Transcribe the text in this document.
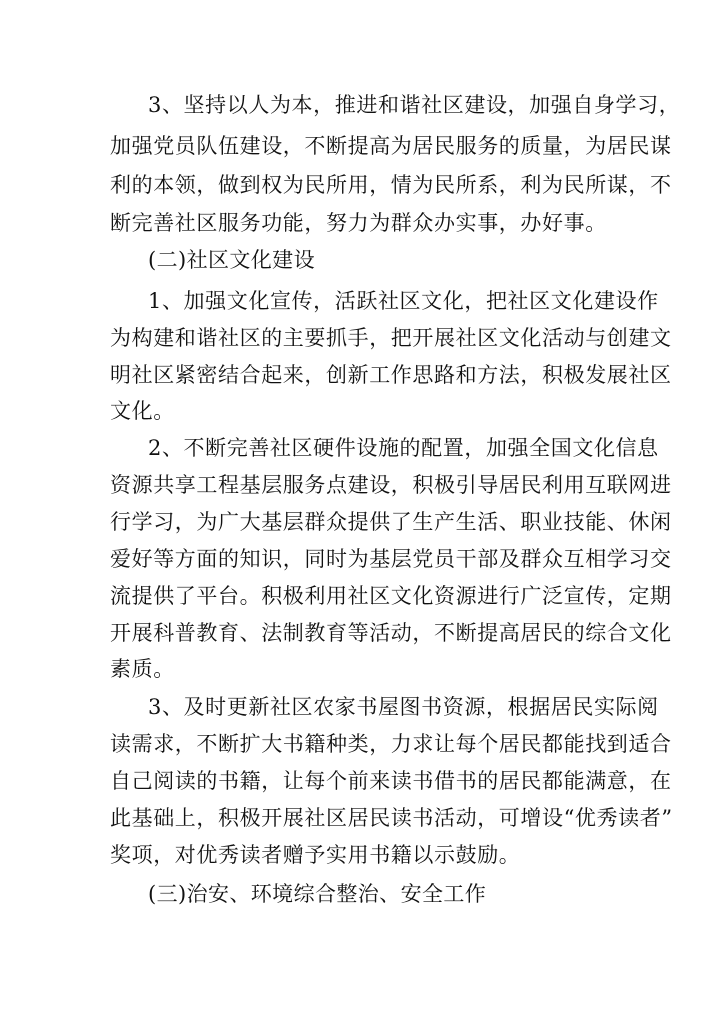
3、坚持以人为本，推进和谐社区建设，加强自身学习，
加强党员队伍建设，不断提高为居民服务的质量，为居民谋
利的本领，做到权为民所用，情为民所系，利为民所谋，不
断完善社区服务功能，努力为群众办实事，办好事。
(二)社区文化建设
1、加强文化宣传，活跃社区文化，把社区文化建设作
为构建和谐社区的主要抓手，把开展社区文化活动与创建文
明社区紧密结合起来，创新工作思路和方法，积极发展社区
文化。
2、不断完善社区硬件设施的配置，加强全国文化信息
资源共享工程基层服务点建设，积极引导居民利用互联网进
行学习，为广大基层群众提供了生产生活、职业技能、休闲
爱好等方面的知识，同时为基层党员干部及群众互相学习交
流提供了平台。积极利用社区文化资源进行广泛宣传，定期
开展科普教育、法制教育等活动，不断提高居民的综合文化
素质。
3、及时更新社区农家书屋图书资源，根据居民实际阅
读需求，不断扩大书籍种类，力求让每个居民都能找到适合
自己阅读的书籍，让每个前来读书借书的居民都能满意，在
此基础上，积极开展社区居民读书活动，可增设“优秀读者”
奖项，对优秀读者赠予实用书籍以示鼓励。
(三)治安、环境综合整治、安全工作
